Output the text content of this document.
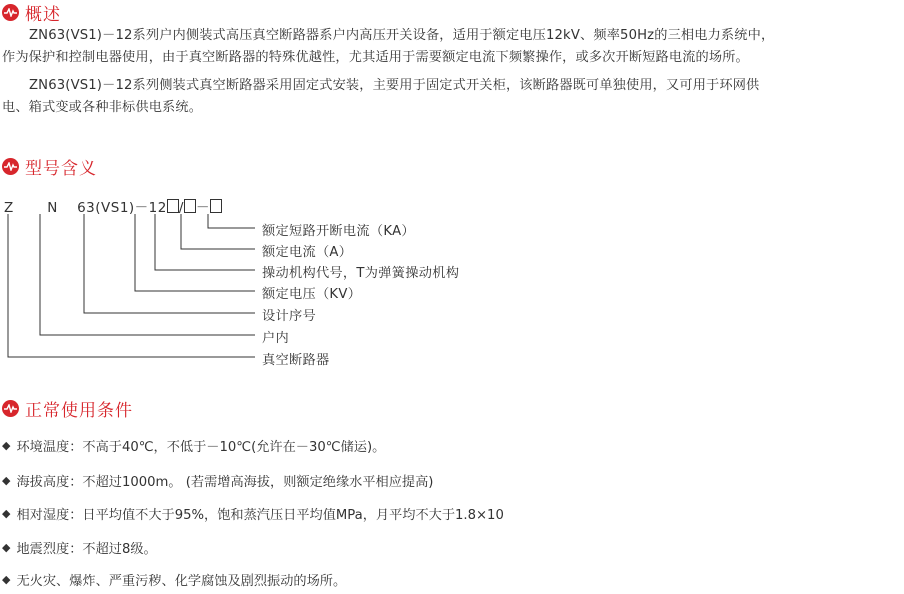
概述

ZN63(VS1)－12系列户内侧装式高压真空断路器系户内高压开关设备，适用于额定电压12kV、频率50Hz的三相电力系统中，

作为保护和控制电器使用，由于真空断路器的特殊优越性，尤其适用于需要额定电流下频繁操作，或多次开断短路电流的场所。

ZN63(VS1)－12系列侧装式真空断路器采用固定式安装，主要用于固定式开关柜，该断路器既可单独使用，又可用于环网供

电、箱式变或各种非标供电系统。

型号含义
Z N 63(VS1)－12 / －
额定短路开断电流（KA）
额定电流（A）
操动机构代号，T为弹簧操动机构
额定电压（KV）
设计序号
户内
真空断路器
正常使用条件
◆ 环境温度：不高于40℃，不低于－10℃(允许在－30℃储运)。
◆ 海拔高度：不超过1000m。 (若需增高海拔，则额定绝缘水平相应提高)
◆ 相对湿度：日平均值不大于95%，饱和蒸汽压日平均值MPa，月平均不大于1.8×10
◆ 地震烈度：不超过8级。
◆ 无火灾、爆炸、严重污秽、化学腐蚀及剧烈振动的场所。
